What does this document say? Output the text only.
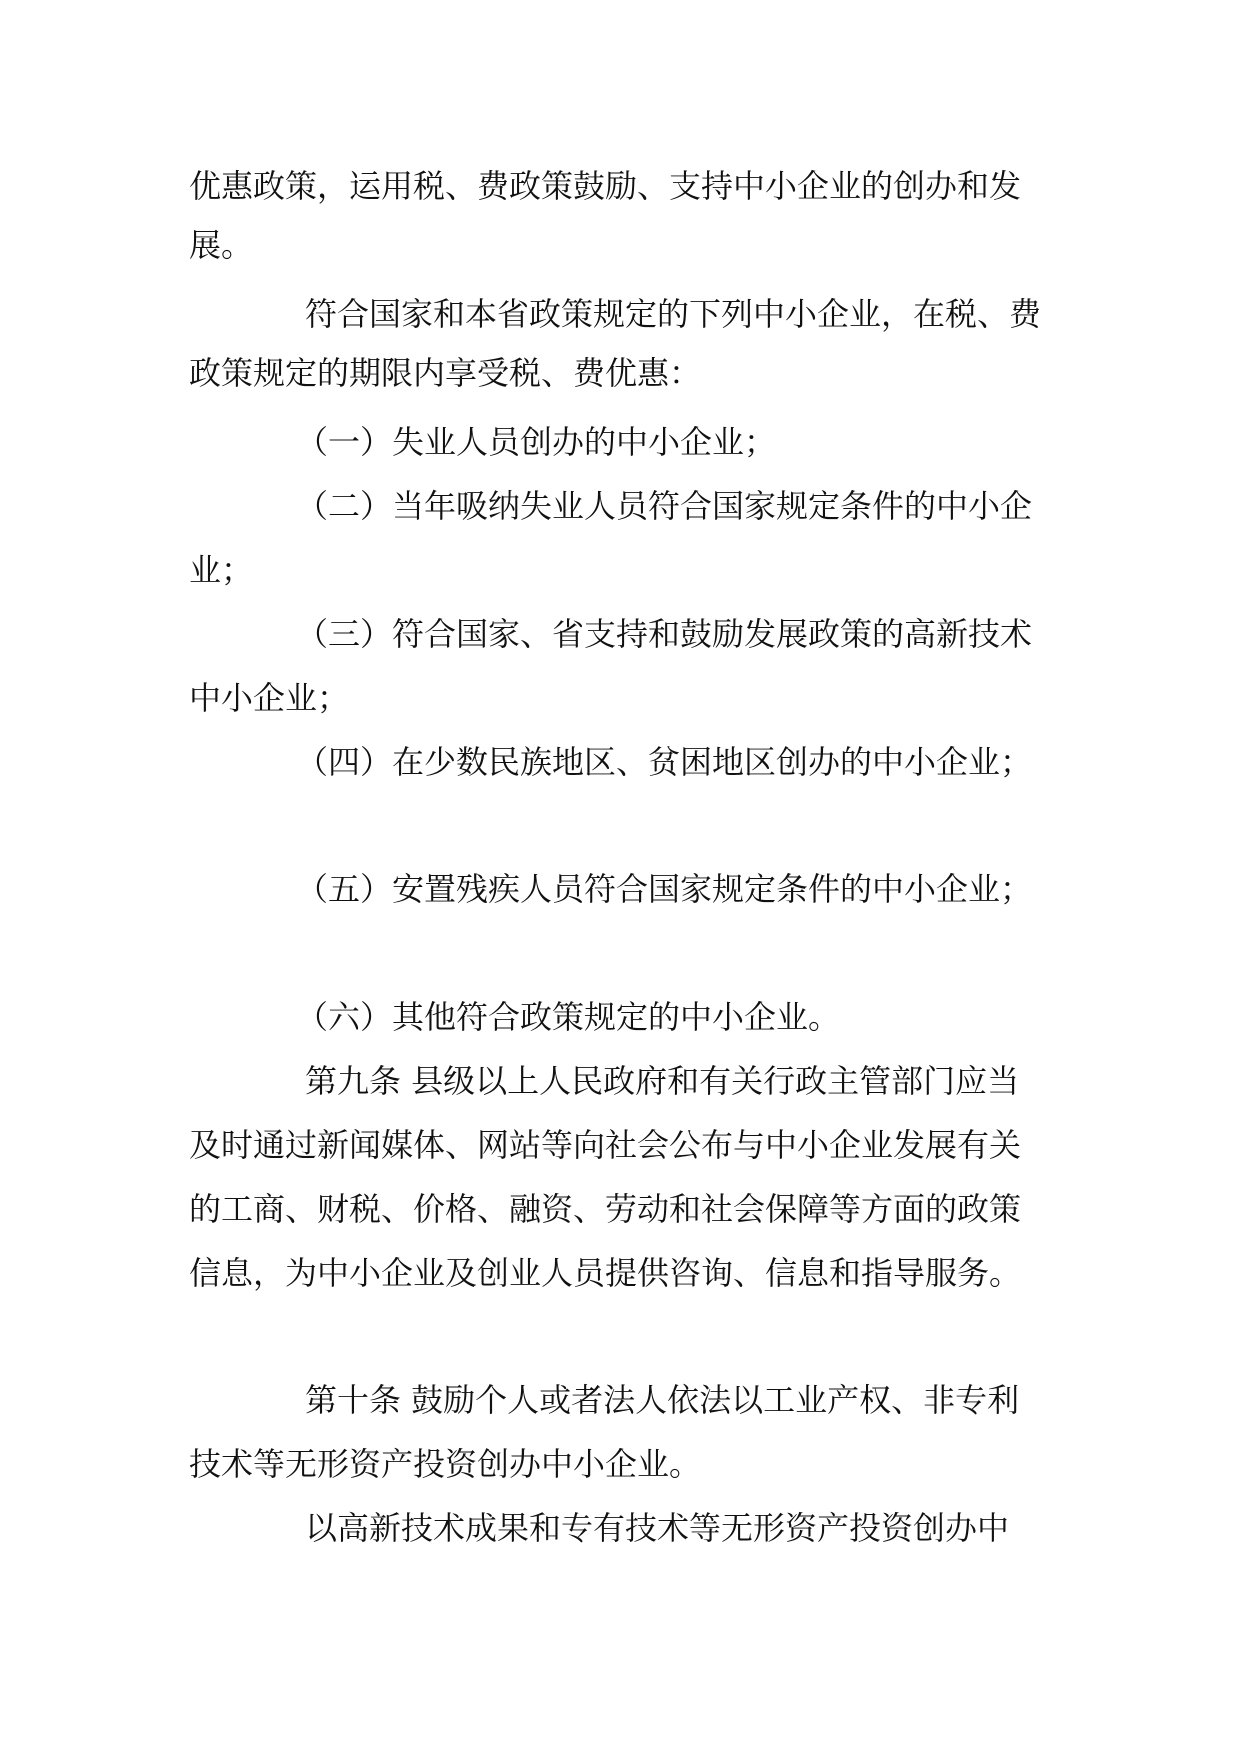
优惠政策，运用税、费政策鼓励、支持中小企业的创办和发

展。

符合国家和本省政策规定的下列中小企业，在税、费

政策规定的期限内享受税、费优惠：

（一）失业人员创办的中小企业；

（二）当年吸纳失业人员符合国家规定条件的中小企

业；

（三）符合国家、省支持和鼓励发展政策的高新技术

中小企业；

（四）在少数民族地区、贫困地区创办的中小企业；

（五）安置残疾人员符合国家规定条件的中小企业；

（六）其他符合政策规定的中小企业。

第九条 县级以上人民政府和有关行政主管部门应当

及时通过新闻媒体、网站等向社会公布与中小企业发展有关

的工商、财税、价格、融资、劳动和社会保障等方面的政策

信息，为中小企业及创业人员提供咨询、信息和指导服务。

第十条 鼓励个人或者法人依法以工业产权、非专利

技术等无形资产投资创办中小企业。

以高新技术成果和专有技术等无形资产投资创办中
